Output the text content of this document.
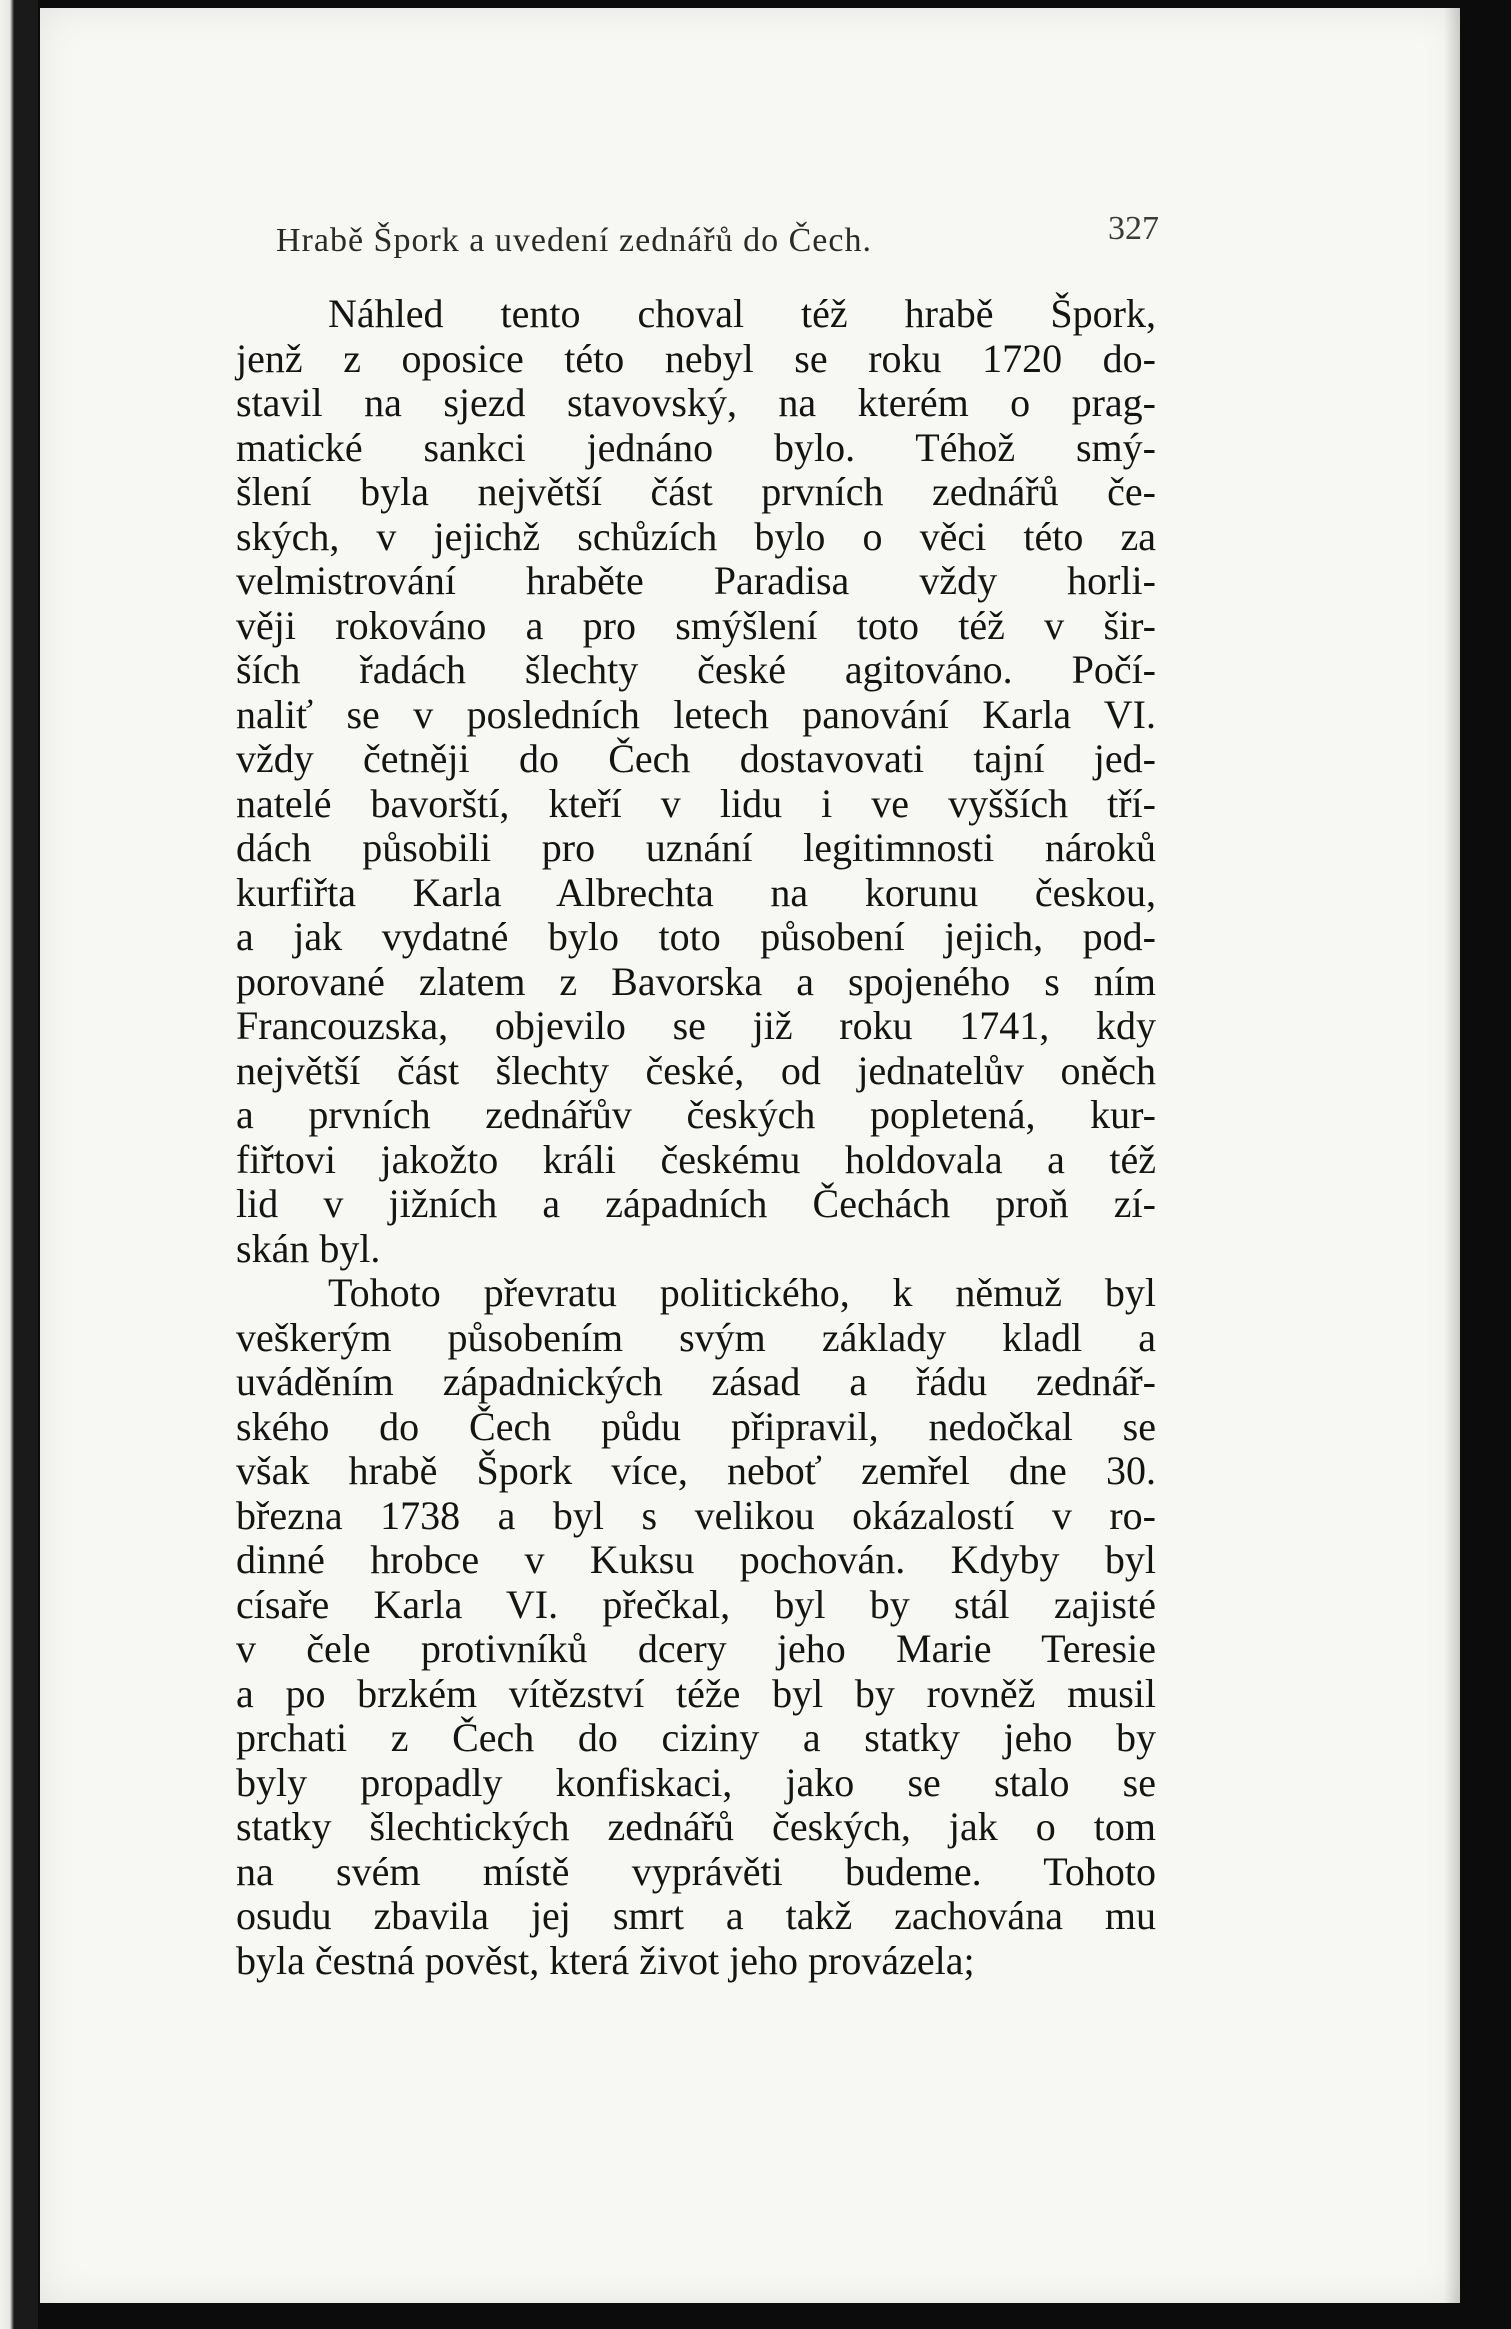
Hrabě Špork a uvedení zednářů do Čech.	327
Náhled tento choval též hrabě Špork,
jenž z oposice této nebyl se roku 1720 do-
stavil na sjezd stavovský, na kterém o prag-
matické sankci jednáno bylo. Téhož smý-
šlení byla největší část prvních zednářů če-
ských, v jejichž schůzích bylo o věci této za
velmistrování hraběte Paradisa vždy horli-
věji rokováno a pro smýšlení toto též v šir-
ších řadách šlechty české agitováno. Počí-
naliť se v posledních letech panování Karla VI.
vždy četněji do Čech dostavovati tajní jed-
natelé bavorští, kteří v lidu i ve vyšších tří-
dách působili pro uznání legitimnosti nároků
kurfiřta Karla Albrechta na korunu českou,
a jak vydatné bylo toto působení jejich, pod-
porované zlatem z Bavorska a spojeného s ním
Francouzska, objevilo se již roku 1741, kdy
největší část šlechty české, od jednatelův oněch
a prvních zednářův českých popletená, kur-
fiřtovi jakožto králi českému holdovala a též
lid v jižních a západních Čechách proň zí-
skán byl.
Tohoto převratu politického, k němuž byl
veškerým působením svým základy kladl a
uváděním západnických zásad a řádu zednář-
ského do Čech půdu připravil, nedočkal se
však hrabě Špork více, neboť zemřel dne 30.
března 1738 a byl s velikou okázalostí v ro-
dinné hrobce v Kuksu pochován. Kdyby byl
císaře Karla VI. přečkal, byl by stál zajisté
v čele protivníků dcery jeho Marie Teresie
a po brzkém vítězství téže byl by rovněž musil
prchati z Čech do ciziny a statky jeho by
byly propadly konfiskaci, jako se stalo se
statky šlechtických zednářů českých, jak o tom
na svém místě vyprávěti budeme. Tohoto
osudu zbavila jej smrt a takž zachována mu
byla čestná pověst, která život jeho provázela;
